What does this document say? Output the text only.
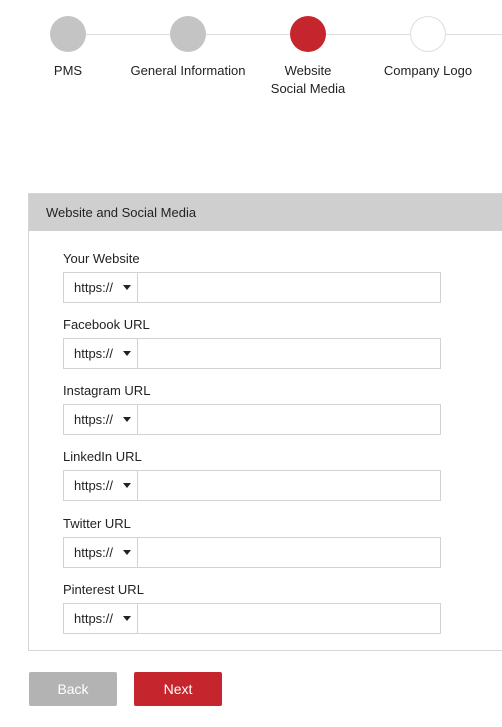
PMS	General Information	Website
Social Media
Company Logo
Website and Social Media
Your Website
https://
Facebook URL
https://
Instagram URL
https://
LinkedIn URL
https://
Twitter URL
https://
Pinterest URL
https://
Back	Next
